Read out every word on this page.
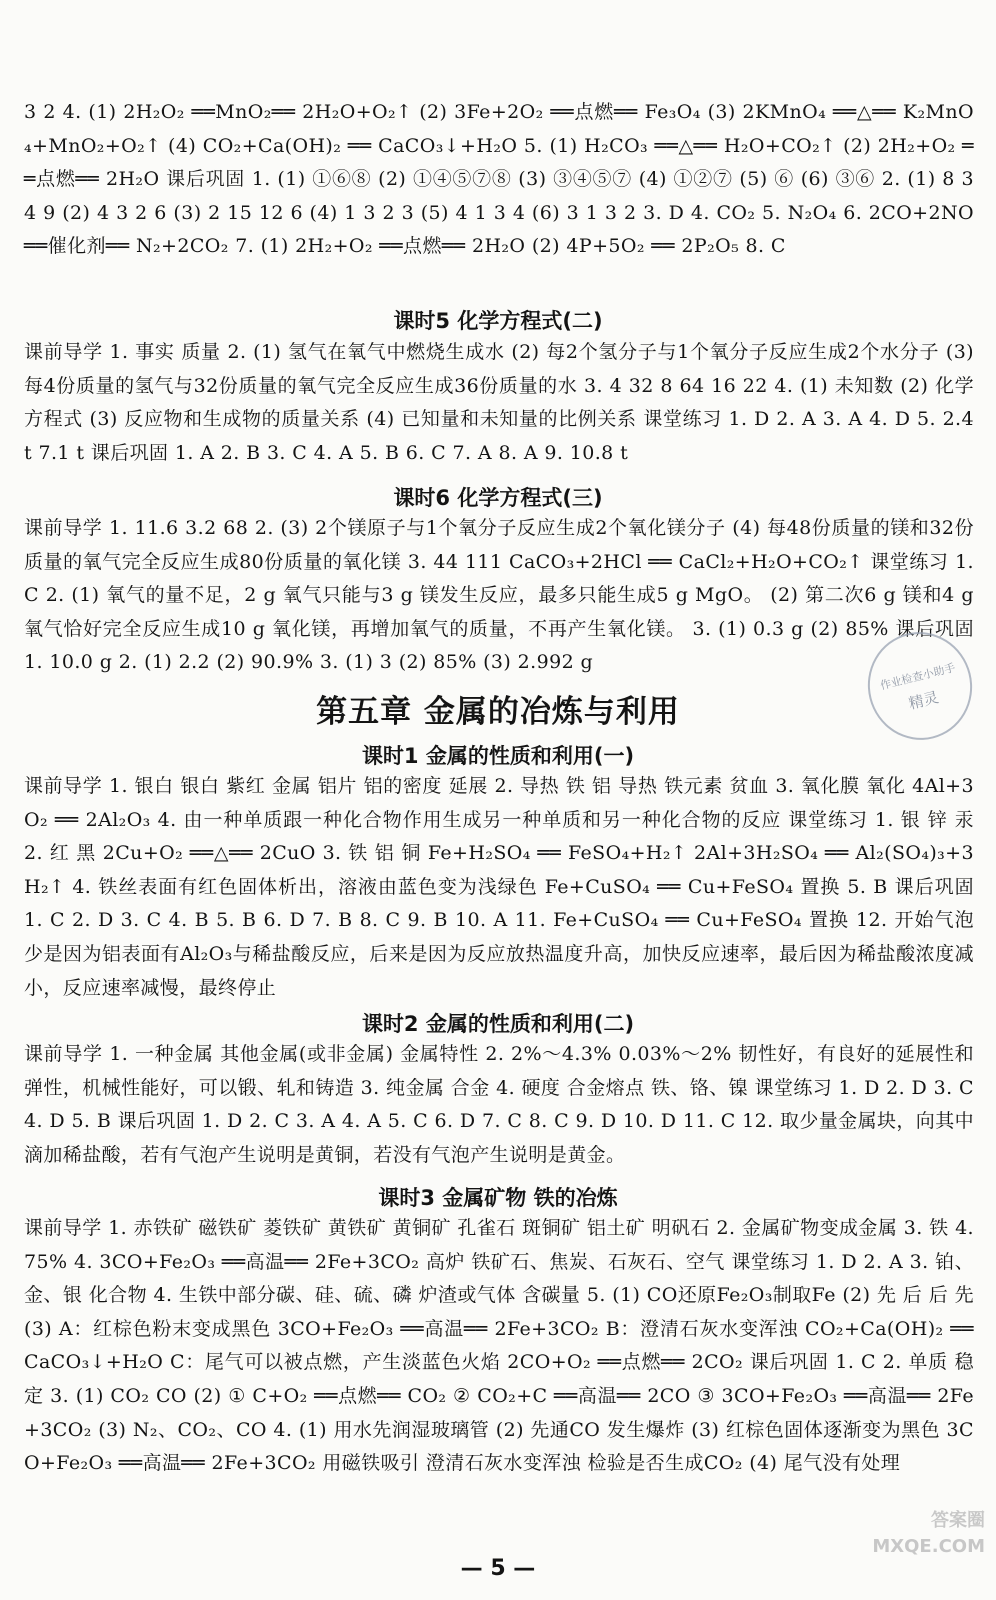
3 2 4. (1) 2H₂O₂ ══MnO₂══ 2H₂O+O₂↑ (2) 3Fe+2O₂ ══点燃══ Fe₃O₄ (3) 2KMnO₄ ══△══ K₂MnO₄+MnO₂+O₂↑ (4) CO₂+Ca(OH)₂ ══ CaCO₃↓+H₂O 5. (1) H₂CO₃ ══△══ H₂O+CO₂↑ (2) 2H₂+O₂ ══点燃══ 2H₂O 课后巩固 1. (1) ①⑥⑧ (2) ①④⑤⑦⑧ (3) ③④⑤⑦ (4) ①②⑦ (5) ⑥ (6) ③⑥ 2. (1) 8 3 4 9 (2) 4 3 2 6 (3) 2 15 12 6 (4) 1 3 2 3 (5) 4 1 3 4 (6) 3 1 3 2 3. D 4. CO₂ 5. N₂O₄ 6. 2CO+2NO ══催化剂══ N₂+2CO₂ 7. (1) 2H₂+O₂ ══点燃══ 2H₂O (2) 4P+5O₂ ══ 2P₂O₅ 8. C

课时5 化学方程式(二)

课前导学 1. 事实 质量 2. (1) 氢气在氧气中燃烧生成水 (2) 每2个氢分子与1个氧分子反应生成2个水分子 (3) 每4份质量的氢气与32份质量的氧气完全反应生成36份质量的水 3. 4 32 8 64 16 22 4. (1) 未知数 (2) 化学方程式 (3) 反应物和生成物的质量关系 (4) 已知量和未知量的比例关系 课堂练习 1. D 2. A 3. A 4. D 5. 2.4 t 7.1 t 课后巩固 1. A 2. B 3. C 4. A 5. B 6. C 7. A 8. A 9. 10.8 t

课时6 化学方程式(三)

课前导学 1. 11.6 3.2 68 2. (3) 2个镁原子与1个氧分子反应生成2个氧化镁分子 (4) 每48份质量的镁和32份质量的氧气完全反应生成80份质量的氧化镁 3. 44 111 CaCO₃+2HCl ══ CaCl₂+H₂O+CO₂↑ 课堂练习 1. C 2. (1) 氧气的量不足，2 g 氧气只能与3 g 镁发生反应，最多只能生成5 g MgO。 (2) 第二次6 g 镁和4 g 氧气恰好完全反应生成10 g 氧化镁，再增加氧气的质量，不再产生氧化镁。 3. (1) 0.3 g (2) 85% 课后巩固 1. 10.0 g 2. (1) 2.2 (2) 90.9% 3. (1) 3 (2) 85% (3) 2.992 g

第五章 金属的冶炼与利用
课时1 金属的性质和利用(一)

课前导学 1. 银白 银白 紫红 金属 铝片 铝的密度 延展 2. 导热 铁 铝 导热 铁元素 贫血 3. 氧化膜 氧化 4Al+3O₂ ══ 2Al₂O₃ 4. 由一种单质跟一种化合物作用生成另一种单质和另一种化合物的反应 课堂练习 1. 银 锌 汞 2. 红 黑 2Cu+O₂ ══△══ 2CuO 3. 铁 铝 铜 Fe+H₂SO₄ ══ FeSO₄+H₂↑ 2Al+3H₂SO₄ ══ Al₂(SO₄)₃+3H₂↑ 4. 铁丝表面有红色固体析出，溶液由蓝色变为浅绿色 Fe+CuSO₄ ══ Cu+FeSO₄ 置换 5. B 课后巩固 1. C 2. D 3. C 4. B 5. B 6. D 7. B 8. C 9. B 10. A 11. Fe+CuSO₄ ══ Cu+FeSO₄ 置换 12. 开始气泡少是因为铝表面有Al₂O₃与稀盐酸反应，后来是因为反应放热温度升高，加快反应速率，最后因为稀盐酸浓度减小，反应速率减慢，最终停止

课时2 金属的性质和利用(二)

课前导学 1. 一种金属 其他金属(或非金属) 金属特性 2. 2%～4.3% 0.03%～2% 韧性好，有良好的延展性和弹性，机械性能好，可以锻、轧和铸造 3. 纯金属 合金 4. 硬度 合金熔点 铁、铬、镍 课堂练习 1. D 2. D 3. C 4. D 5. B 课后巩固 1. D 2. C 3. A 4. A 5. C 6. D 7. C 8. C 9. D 10. D 11. C 12. 取少量金属块，向其中滴加稀盐酸，若有气泡产生说明是黄铜，若没有气泡产生说明是黄金。

课时3 金属矿物 铁的冶炼

课前导学 1. 赤铁矿 磁铁矿 菱铁矿 黄铁矿 黄铜矿 孔雀石 斑铜矿 铝土矿 明矾石 2. 金属矿物变成金属 3. 铁 4.75% 4. 3CO+Fe₂O₃ ══高温══ 2Fe+3CO₂ 高炉 铁矿石、焦炭、石灰石、空气 课堂练习 1. D 2. A 3. 铂、金、银 化合物 4. 生铁中部分碳、硅、硫、磷 炉渣或气体 含碳量 5. (1) CO还原Fe₂O₃制取Fe (2) 先 后 后 先 (3) A：红棕色粉末变成黑色 3CO+Fe₂O₃ ══高温══ 2Fe+3CO₂ B：澄清石灰水变浑浊 CO₂+Ca(OH)₂ ══ CaCO₃↓+H₂O C：尾气可以被点燃，产生淡蓝色火焰 2CO+O₂ ══点燃══ 2CO₂ 课后巩固 1. C 2. 单质 稳定 3. (1) CO₂ CO (2) ① C+O₂ ══点燃══ CO₂ ② CO₂+C ══高温══ 2CO ③ 3CO+Fe₂O₃ ══高温══ 2Fe+3CO₂ (3) N₂、CO₂、CO 4. (1) 用水先润湿玻璃管 (2) 先通CO 发生爆炸 (3) 红棕色固体逐渐变为黑色 3CO+Fe₂O₃ ══高温══ 2Fe+3CO₂ 用磁铁吸引 澄清石灰水变浑浊 检验是否生成CO₂ (4) 尾气没有处理

作业检查小助手
精灵
答案圈 MXQE.COM
— 5 —
